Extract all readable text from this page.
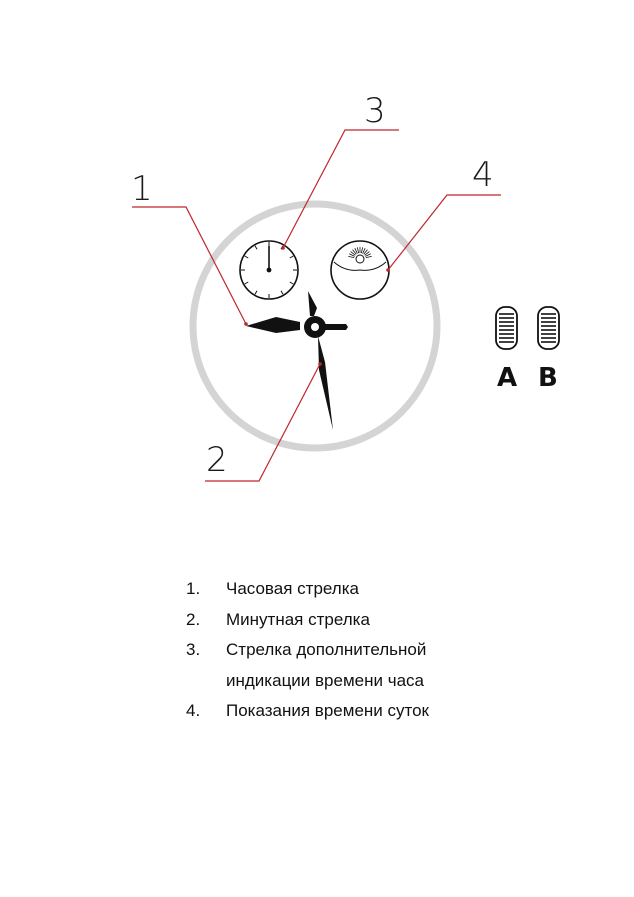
1
2
3
4
A B
1.	Часовая стрелка
2.	Минутная стрелка
3.	Стрелка дополнительной индикации времени часа
4.	Показания времени суток
